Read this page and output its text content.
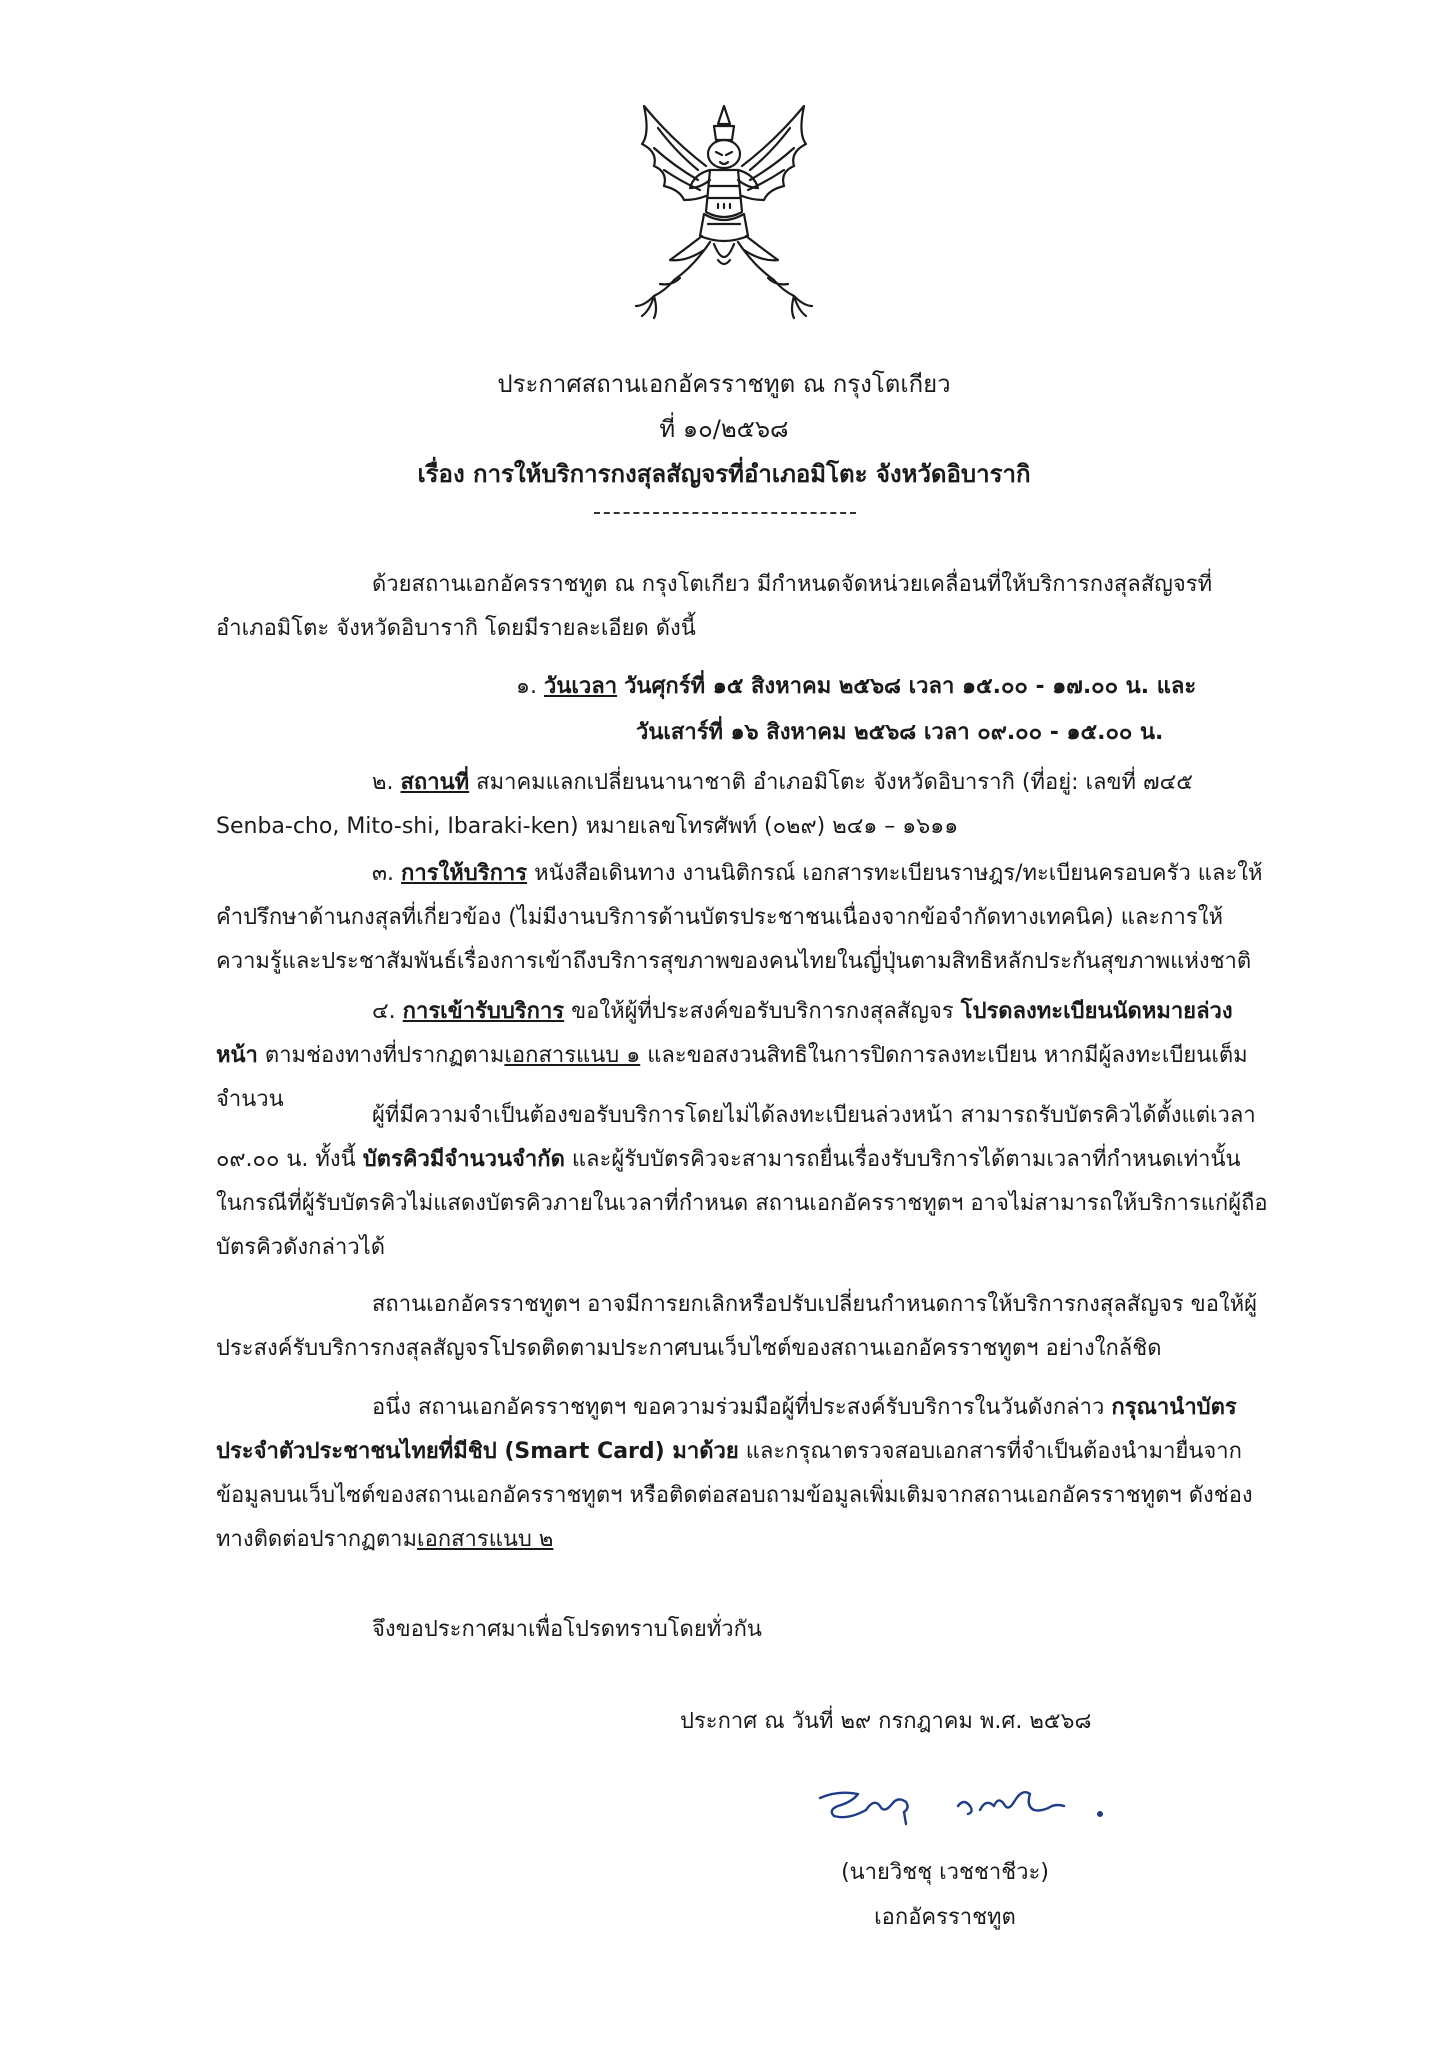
ประกาศสถานเอกอัครราชทูต ณ กรุงโตเกียว

ที่ ๑๐/๒๕๖๘

เรื่อง การให้บริการกงสุลสัญจรที่อำเภอมิโตะ จังหวัดอิบารากิ

ด้วยสถานเอกอัครราชทูต ณ กรุงโตเกียว มีกำหนดจัดหน่วยเคลื่อนที่ให้บริการกงสุลสัญจรที่อำเภอมิโตะ จังหวัดอิบารากิ โดยมีรายละเอียด ดังนี้

๑. วันเวลา วันศุกร์ที่ ๑๕ สิงหาคม ๒๕๖๘ เวลา ๑๕.๐๐ - ๑๗.๐๐ น. และ

วันเสาร์ที่ ๑๖ สิงหาคม ๒๕๖๘ เวลา ๐๙.๐๐ - ๑๕.๐๐ น.

๒. สถานที่ สมาคมแลกเปลี่ยนนานาชาติ อำเภอมิโตะ จังหวัดอิบารากิ (ที่อยู่: เลขที่ ๗๔๕ Senba-cho, Mito-shi, Ibaraki-ken) หมายเลขโทรศัพท์ (๐๒๙) ๒๔๑ – ๑๖๑๑

๓. การให้บริการ หนังสือเดินทาง งานนิติกรณ์ เอกสารทะเบียนราษฎร/ทะเบียนครอบครัว และให้คำปรึกษาด้านกงสุลที่เกี่ยวข้อง (ไม่มีงานบริการด้านบัตรประชาชนเนื่องจากข้อจำกัดทางเทคนิค) และการให้ความรู้และประชาสัมพันธ์เรื่องการเข้าถึงบริการสุขภาพของคนไทยในญี่ปุ่นตามสิทธิหลักประกันสุขภาพแห่งชาติ

๔. การเข้ารับบริการ ขอให้ผู้ที่ประสงค์ขอรับบริการกงสุลสัญจร โปรดลงทะเบียนนัดหมายล่วงหน้า ตามช่องทางที่ปรากฏตามเอกสารแนบ ๑ และขอสงวนสิทธิในการปิดการลงทะเบียน หากมีผู้ลงทะเบียนเต็มจำนวน

ผู้ที่มีความจำเป็นต้องขอรับบริการโดยไม่ได้ลงทะเบียนล่วงหน้า สามารถรับบัตรคิวได้ตั้งแต่เวลา ๐๙.๐๐ น. ทั้งนี้ บัตรคิวมีจำนวนจำกัด และผู้รับบัตรคิวจะสามารถยื่นเรื่องรับบริการได้ตามเวลาที่กำหนดเท่านั้น ในกรณีที่ผู้รับบัตรคิวไม่แสดงบัตรคิวภายในเวลาที่กำหนด สถานเอกอัครราชทูตฯ อาจไม่สามารถให้บริการแก่ผู้ถือบัตรคิวดังกล่าวได้

สถานเอกอัครราชทูตฯ อาจมีการยกเลิกหรือปรับเปลี่ยนกำหนดการให้บริการกงสุลสัญจร ขอให้ผู้ประสงค์รับบริการกงสุลสัญจรโปรดติดตามประกาศบนเว็บไซต์ของสถานเอกอัครราชทูตฯ อย่างใกล้ชิด

อนึ่ง สถานเอกอัครราชทูตฯ ขอความร่วมมือผู้ที่ประสงค์รับบริการในวันดังกล่าว กรุณานำบัตรประจำตัวประชาชนไทยที่มีชิป (Smart Card) มาด้วย และกรุณาตรวจสอบเอกสารที่จำเป็นต้องนำมายื่นจากข้อมูลบนเว็บไซต์ของสถานเอกอัครราชทูตฯ หรือติดต่อสอบถามข้อมูลเพิ่มเติมจากสถานเอกอัครราชทูตฯ ดังช่องทางติดต่อปรากฏตามเอกสารแนบ ๒

จึงขอประกาศมาเพื่อโปรดทราบโดยทั่วกัน

ประกาศ ณ วันที่ ๒๙ กรกฎาคม พ.ศ. ๒๕๖๘

(นายวิชชุ เวชชาชีวะ)

เอกอัครราชทูต
